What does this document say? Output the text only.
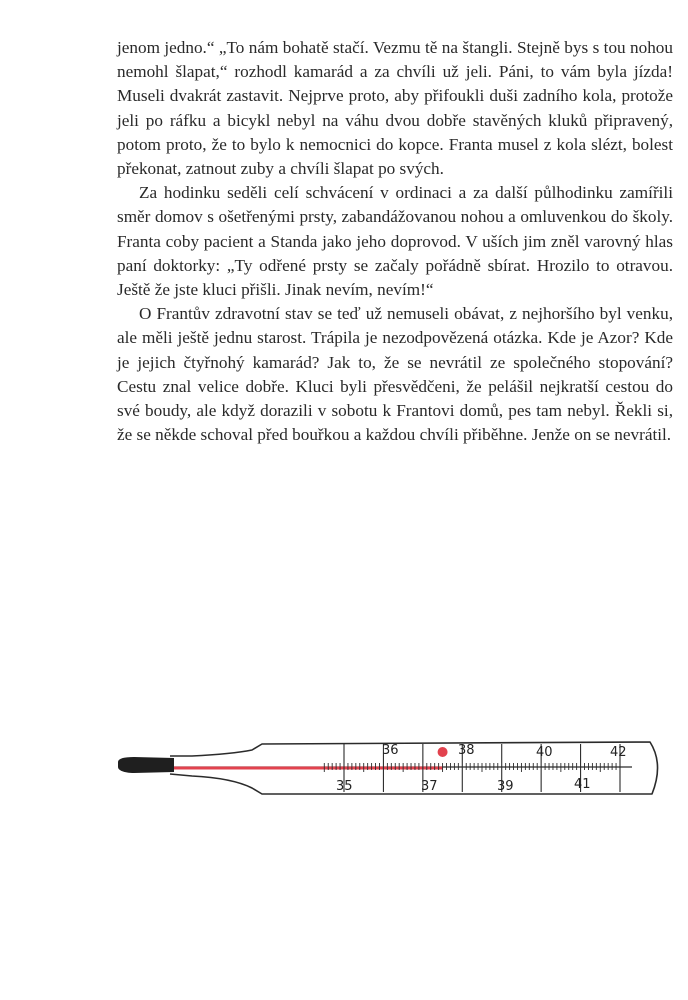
jenom jedno.“ „To nám bohatě stačí. Vezmu tě na štangli. Stejně bys s tou nohou nemohl šlapat,“ rozhodl kamarád a za chvíli už jeli. Páni, to vám byla jízda! Museli dvakrát zastavit. Nejprve proto, aby přifoukli duši zadního kola, protože jeli po ráfku a bicykl nebyl na váhu dvou dobře stavěných kluků připravený, potom proto, že to bylo k nemocnici do kopce. Franta musel z kola slézt, bolest překonat, zatnout zuby a chvíli šlapat po svých.

Za hodinku seděli celí schvácení v ordinaci a za další půlhodinku zamířili směr domov s ošetřenými prsty, zabandážovanou nohou a omluvenkou do školy. Franta coby pacient a Standa jako jeho doprovod. V uších jim zněl varovný hlas paní doktorky: „Ty odřené prsty se začaly pořádně sbírat. Hrozilo to otravou. Ještě že jste kluci přišli. Jinak nevím, nevím!“

O Frantův zdravotní stav se teď už nemuseli obávat, z nejhoršího byl venku, ale měli ještě jednu starost. Trápila je nezodpovězená otázka. Kde je Azor? Kde je jejich čtyřnohý kamarád? Jak to, že se nevrátil ze společného stopování? Cestu znal velice dobře. Kluci byli přesvědčeni, že pelášil nejkratší cestou do své boudy, ale když dorazili v sobotu k Frantovi domů, pes tam nebyl. Řekli si, že se někde schoval před bouřkou a každou chvíli přiběhne. Jenže on se nevrátil.

36	38	40	42
35	37	39	41
